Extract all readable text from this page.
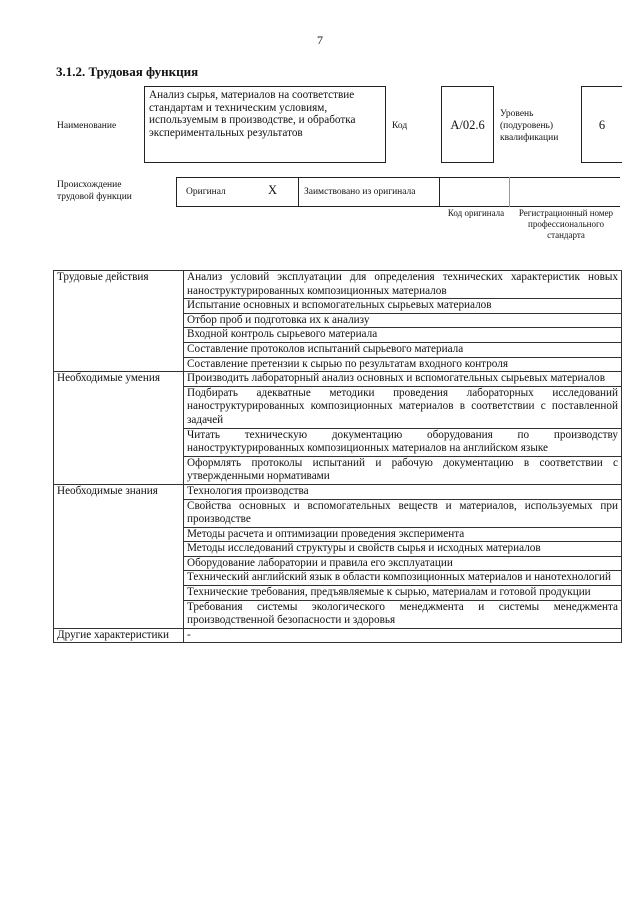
7
3.1.2. Трудовая функция
Наименование
Анализ сырья, материалов на соответствие стандартам и техническим условиям, используемым в производстве, и обработка экспериментальных результатов
Код	A/02.6
Уровень (подуровень) квалификации
6
Происхождение трудовой функции	Оригинал	X	Заимствовано из оригинала
Код оригинала	Регистрационный номер профессионального стандарта
Трудовые действия	Анализ условий эксплуатации для определения технических характеристик новых наноструктурированных композиционных материалов
	Испытание основных и вспомогательных сырьевых материалов
	Отбор проб и подготовка их к анализу
	Входной контроль сырьевого материала
	Составление протоколов испытаний сырьевого материала
	Составление претензии к сырью по результатам входного контроля
Необходимые умения	Производить лабораторный анализ основных и вспомогательных сырьевых материалов
	Подбирать адекватные методики проведения лабораторных исследований наноструктурированных композиционных материалов в соответствии с поставленной задачей
	Читать техническую документацию оборудования по производству наноструктурированных композиционных материалов на английском языке
	Оформлять протоколы испытаний и рабочую документацию в соответствии с утвержденными нормативами
Необходимые знания	Технология производства
	Свойства основных и вспомогательных веществ и материалов, используемых при производстве
	Методы расчета и оптимизации проведения эксперимента
	Методы исследований структуры и свойств сырья и исходных материалов
	Оборудование лаборатории и правила его эксплуатации
	Технический английский язык в области композиционных материалов и нанотехнологий
	Технические требования, предъявляемые к сырью, материалам и готовой продукции
	Требования системы экологического менеджмента и системы менеджмента производственной безопасности и здоровья
Другие характеристики	-
